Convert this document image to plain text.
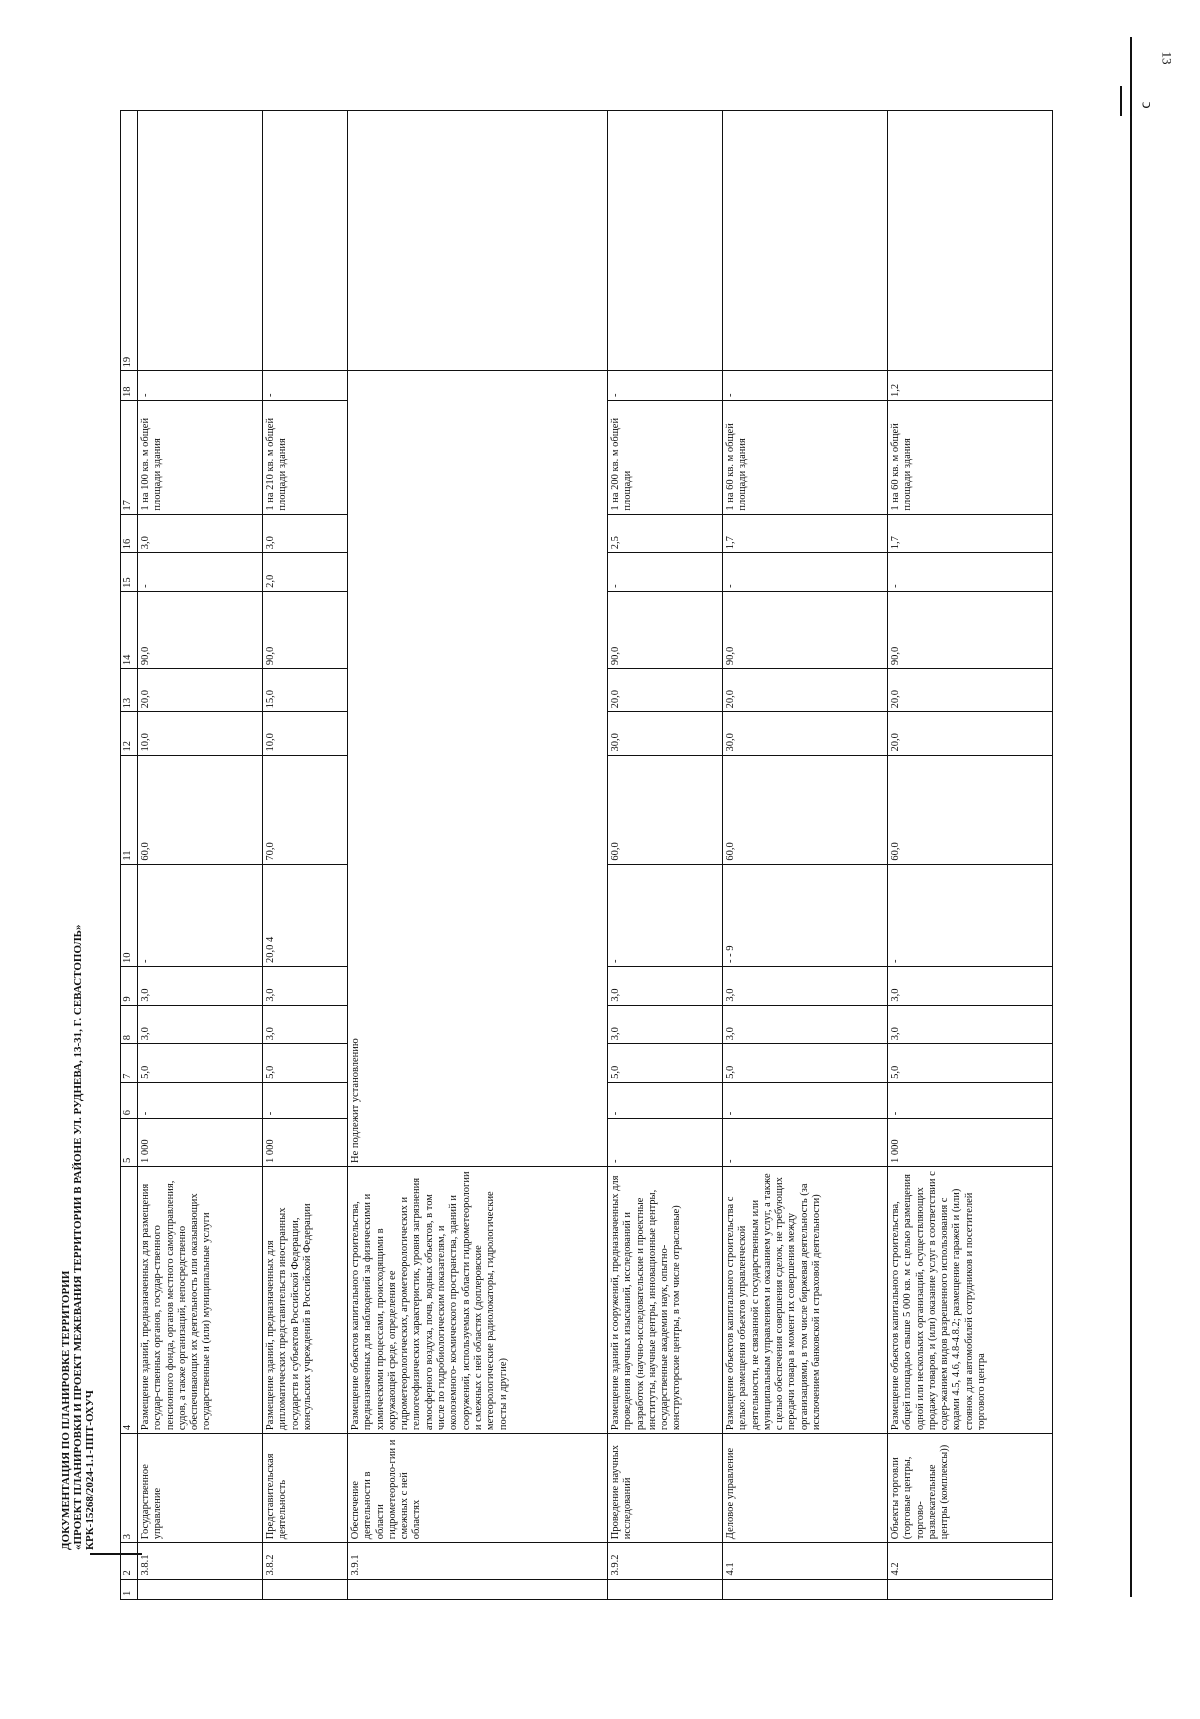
13
ↄ
ДОКУМЕНТАЦИЯ ПО ПЛАНИРОВКЕ ТЕРРИТОРИИ «ПРОЕКТ ПЛАНИРОВКИ И ПРОЕКТ МЕЖЕВАНИЯ ТЕРРИТОРИИ В РАЙОНЕ УЛ. РУДНЕВА, 13-31, Г. СЕВАСТОПОЛЬ» КРК-15268/2024-1.1-ППТ-ОХУЧ
1	2	3	4	5	6	7	8	9	10	11	12	13	14	15	16	17	18	19
	3.8.1	Государственное управление	Размещение зданий, предназначенных для размещения государ-ственных органов, государ-ственного пенсионного фонда, органов местного самоуправления, судов, а также организаций, непосредственно обеспечивающих их деятельность или оказывающих государственные и (или) муниципальные услуги	1 000	-	5,0	3,0	3,0	-	60,0	10,0	20,0	90,0	-	3,0	1 на 100 кв. м общей площади здания	-	
	3.8.2	Представительская деятельность	Размещение зданий, предназначенных для дипломатических представительств иностранных государств и субъектов Российской Федерации, консульских учреждений в Российской Федерации	1 000	-	5,0	3,0	3,0	20,0 4	70,0	10,0	15,0	90,0	2,0	3,0	1 на 210 кв. м общей площади здания	-	
	3.9.1	Обеспечение деятельности в области гидрометеороло-гии и смежных с ней областях	Размещение объектов капитального строительства, предназначенных для наблюдений за физическими и химическими процессами, происходящими в окружающей среде, определения ее гидрометеорологических, агрометеорологических и гелиогеофизических характеристик, уровня загрязнения атмосферного воздуха, почв, водных объектов, в том числе по гидробиологическим показателям, и околоземного- космического пространства, зданий и сооружений, используемых в области гидрометеорологии и смежных с ней областях (доплеровские метеорологические радиолокаторы, гидрологические посты и другие)	Не подлежит установлению														
	3.9.2	Проведение научных исследований	Размещение зданий и сооружений, предназначенных для проведения научных изысканий, исследований и разработок (научно-исследовательские и проектные институты, научные центры, инновационные центры, государственные академии наук, опытно-конструкторские центры, в том числе отраслевые)	-	-	5,0	3,0	3,0	-	60,0	30,0	20,0	90,0	-	2,5	1 на 200 кв. м общей площади	-	
	4.1	Деловое управление	Размещение объектов капитального строительства с целью: размещения объектов управленческой деятельности, не связанной с государственным или муниципальным управлением и оказанием услуг, а также с целью обеспечения совершения сделок, не требующих передачи товара в момент их совершения между организациями, в том числе биржевая деятельность (за исключением банковской и страховой деятельности)	-	-	5,0	3,0	3,0	- - 9	60,0	30,0	20,0	90,0	-	1,7	1 на 60 кв. м общей площади здания	-	
	4.2	Объекты торговли (торговые центры, торгово-развлекательные центры (комплексы))	Размещение объектов капитального строительства, общей площадью свыше 5 000 кв. м с целью размещения одной или нескольких организаций, осуществляющих продажу товаров, и (или) оказание услуг в соответствии с содер-жанием видов разрешенного использования с кодами 4.5, 4.6, 4.8-4.8.2; размещение гаражей и (или) стоянок для автомобилей сотрудников и посетителей торгового центра	1 000	-	5,0	3,0	3,0	-	60,0	20,0	20,0	90,0	-	1,7	1 на 60 кв. м общей площади здания	1,2	
